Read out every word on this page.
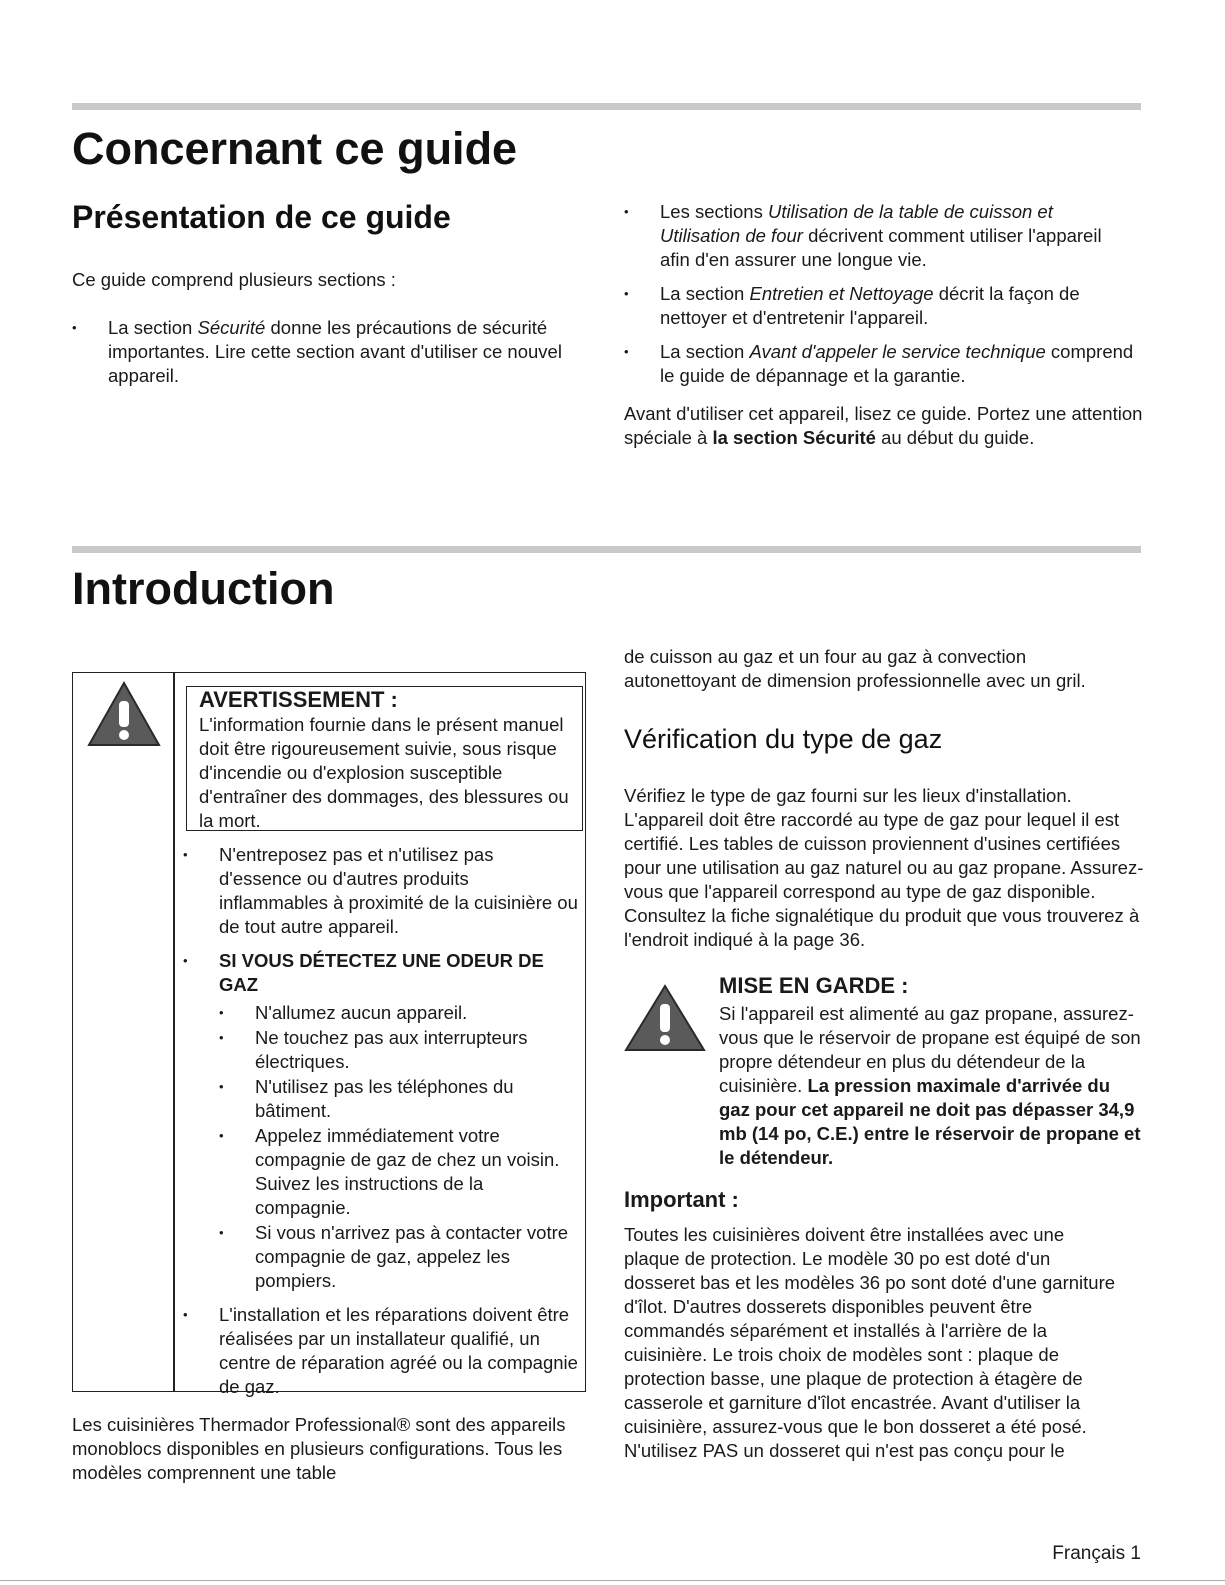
Concernant ce guide
Présentation de ce guide

Ce guide comprend plusieurs sections :

• La section Sécurité donne les précautions de sécurité importantes. Lire cette section avant d'utiliser ce nouvel appareil.
• Les sections Utilisation de la table de cuisson et Utilisation de four décrivent comment utiliser l'appareil afin d'en assurer une longue vie.
• La section Entretien et Nettoyage décrit la façon de nettoyer et d'entretenir l'appareil.
• La section Avant d'appeler le service technique comprend le guide de dépannage et la garantie.

Avant d'utiliser cet appareil, lisez ce guide. Portez une attention spéciale à la section Sécurité au début du guide.

Introduction

AVERTISSEMENT :

L'information fournie dans le présent manuel doit être rigoureusement suivie, sous risque d'incendie ou d'explosion susceptible d'entraîner des dommages, des blessures ou la mort.

• N'entreposez pas et n'utilisez pas d'essence ou d'autres produits inflammables à proximité de la cuisinière ou de tout autre appareil.
• SI VOUS DÉTECTEZ UNE ODEUR DE GAZ
• N'allumez aucun appareil.
• Ne touchez pas aux interrupteurs électriques.
• N'utilisez pas les téléphones du bâtiment.
• Appelez immédiatement votre compagnie de gaz de chez un voisin. Suivez les instructions de la compagnie.
• Si vous n'arrivez pas à contacter votre compagnie de gaz, appelez les pompiers.
• L'installation et les réparations doivent être réalisées par un installateur qualifié, un centre de réparation agréé ou la compagnie de gaz.

Les cuisinières Thermador Professional® sont des appareils monoblocs disponibles en plusieurs configurations. Tous les modèles comprennent une table

de cuisson au gaz et un four au gaz à convection autonettoyant de dimension professionnelle avec un gril.

Vérification du type de gaz

Vérifiez le type de gaz fourni sur les lieux d'installation. L'appareil doit être raccordé au type de gaz pour lequel il est certifié. Les tables de cuisson proviennent d'usines certifiées pour une utilisation au gaz naturel ou au gaz propane. Assurez-vous que l'appareil correspond au type de gaz disponible. Consultez la fiche signalétique du produit que vous trouverez à l'endroit indiqué à la page 36.

MISE EN GARDE :

Si l'appareil est alimenté au gaz propane, assurez-vous que le réservoir de propane est équipé de son propre détendeur en plus du détendeur de la cuisinière. La pression maximale d'arrivée du gaz pour cet appareil ne doit pas dépasser 34,9 mb (14 po, C.E.) entre le réservoir de propane et le détendeur.

Important :

Toutes les cuisinières doivent être installées avec une plaque de protection. Le modèle 30 po est doté d'un dosseret bas et les modèles 36 po sont doté d'une garniture d'îlot. D'autres dosserets disponibles peuvent être commandés séparément et installés à l'arrière de la cuisinière. Le trois choix de modèles sont : plaque de protection basse, une plaque de protection à étagère de casserole et garniture d'îlot encastrée. Avant d'utiliser la cuisinière, assurez-vous que le bon dosseret a été posé. N'utilisez PAS un dosseret qui n'est pas conçu pour le

Français 1
